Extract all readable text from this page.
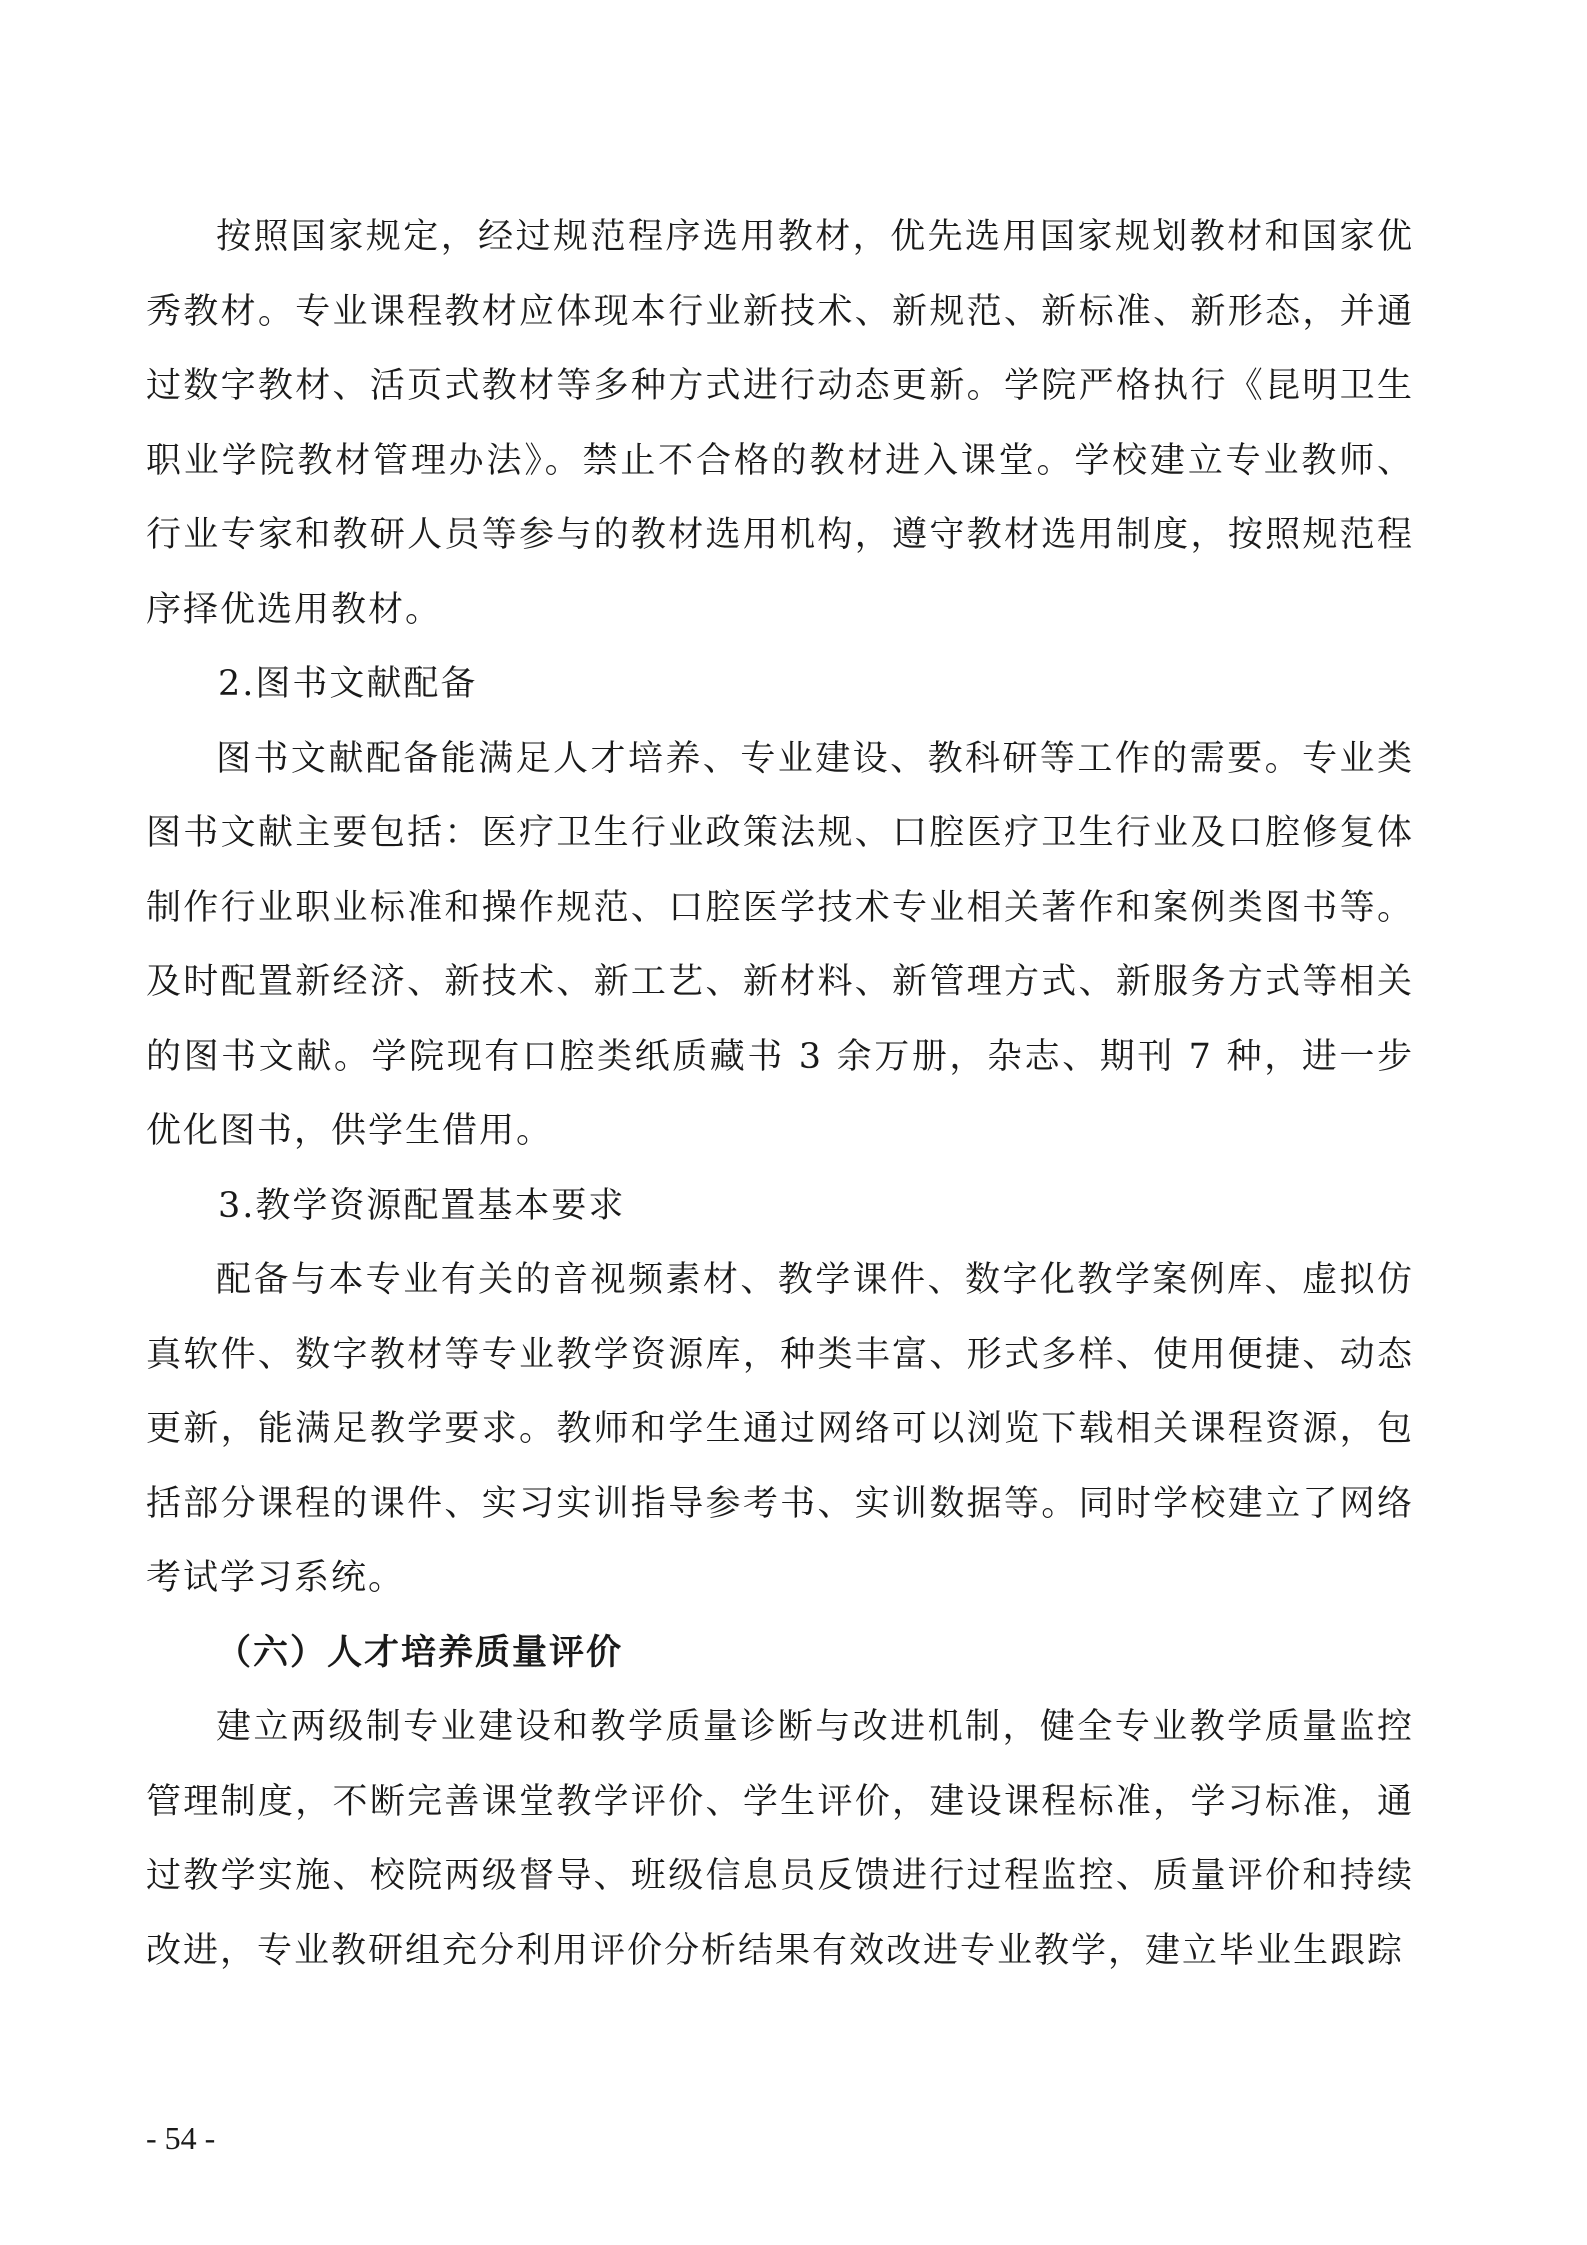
按照国家规定，经过规范程序选用教材，优先选用国家规划教材和国家优秀教材。专业课程教材应体现本行业新技术、新规范、新标准、新形态，并通过数字教材、活页式教材等多种方式进行动态更新。学院严格执行《昆明卫生职业学院教材管理办法》。禁止不合格的教材进入课堂。学校建立专业教师、行业专家和教研人员等参与的教材选用机构，遵守教材选用制度，按照规范程序择优选用教材。

2.图书文献配备

图书文献配备能满足人才培养、专业建设、教科研等工作的需要。专业类图书文献主要包括：医疗卫生行业政策法规、口腔医疗卫生行业及口腔修复体制作行业职业标准和操作规范、口腔医学技术专业相关著作和案例类图书等。及时配置新经济、新技术、新工艺、新材料、新管理方式、新服务方式等相关的图书文献。学院现有口腔类纸质藏书 3 余万册，杂志、期刊 7 种，进一步优化图书，供学生借用。

3.教学资源配置基本要求

配备与本专业有关的音视频素材、教学课件、数字化教学案例库、虚拟仿真软件、数字教材等专业教学资源库，种类丰富、形式多样、使用便捷、动态更新，能满足教学要求。教师和学生通过网络可以浏览下载相关课程资源，包括部分课程的课件、实习实训指导参考书、实训数据等。同时学校建立了网络考试学习系统。

（六）人才培养质量评价

建立两级制专业建设和教学质量诊断与改进机制，健全专业教学质量监控管理制度，不断完善课堂教学评价、学生评价，建设课程标准，学习标准，通过教学实施、校院两级督导、班级信息员反馈进行过程监控、质量评价和持续改进，专业教研组充分利用评价分析结果有效改进专业教学，建立毕业生跟踪

- 54 -
